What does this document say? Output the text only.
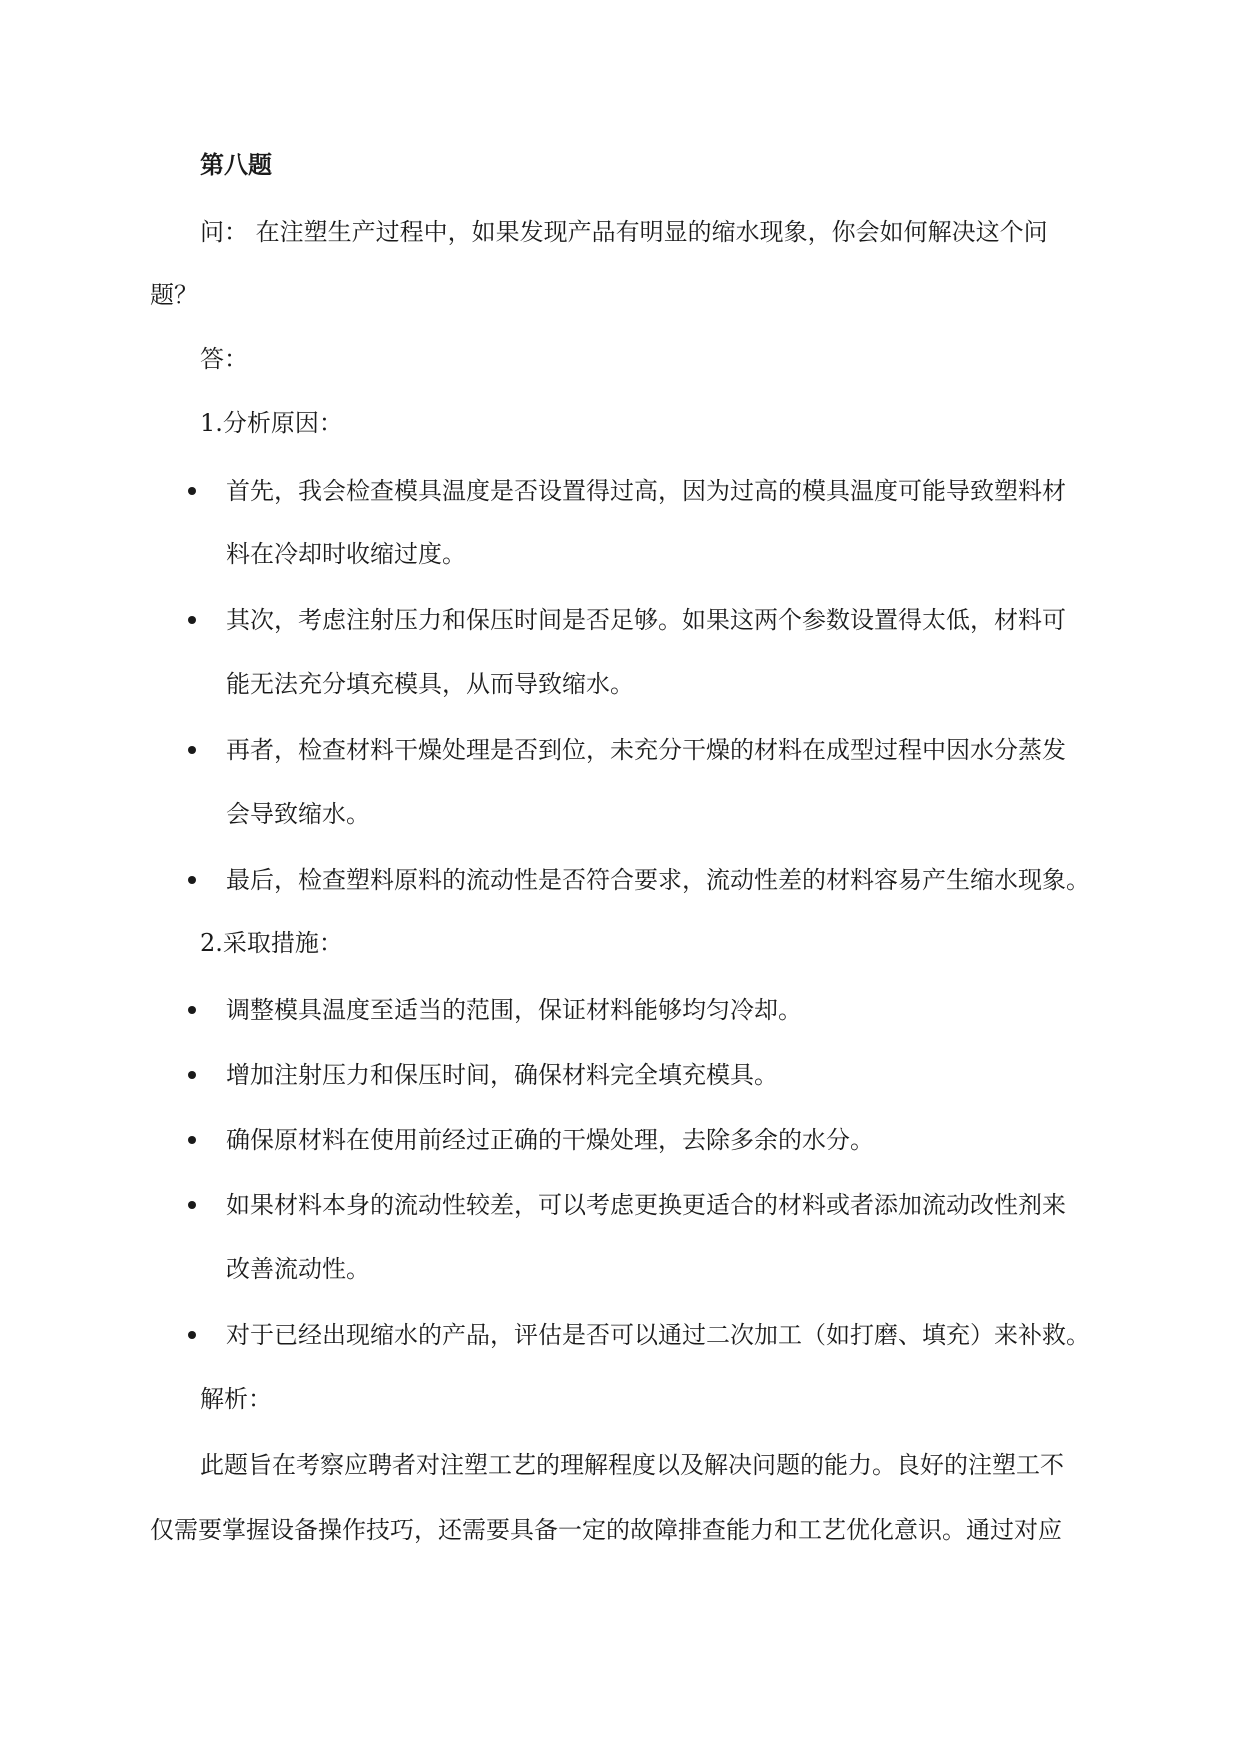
第八题
问： 在注塑生产过程中，如果发现产品有明显的缩水现象，你会如何解决这个问
题？
答：
1.分析原因：
首先，我会检查模具温度是否设置得过高，因为过高的模具温度可能导致塑料材
料在冷却时收缩过度。
其次，考虑注射压力和保压时间是否足够。如果这两个参数设置得太低，材料可
能无法充分填充模具，从而导致缩水。
再者，检查材料干燥处理是否到位，未充分干燥的材料在成型过程中因水分蒸发
会导致缩水。
最后，检查塑料原料的流动性是否符合要求，流动性差的材料容易产生缩水现象。
2.采取措施：
调整模具温度至适当的范围，保证材料能够均匀冷却。
增加注射压力和保压时间，确保材料完全填充模具。
确保原材料在使用前经过正确的干燥处理，去除多余的水分。
如果材料本身的流动性较差，可以考虑更换更适合的材料或者添加流动改性剂来
改善流动性。
对于已经出现缩水的产品，评估是否可以通过二次加工（如打磨、填充）来补救。
解析：
此题旨在考察应聘者对注塑工艺的理解程度以及解决问题的能力。良好的注塑工不
仅需要掌握设备操作技巧，还需要具备一定的故障排查能力和工艺优化意识。通过对应
